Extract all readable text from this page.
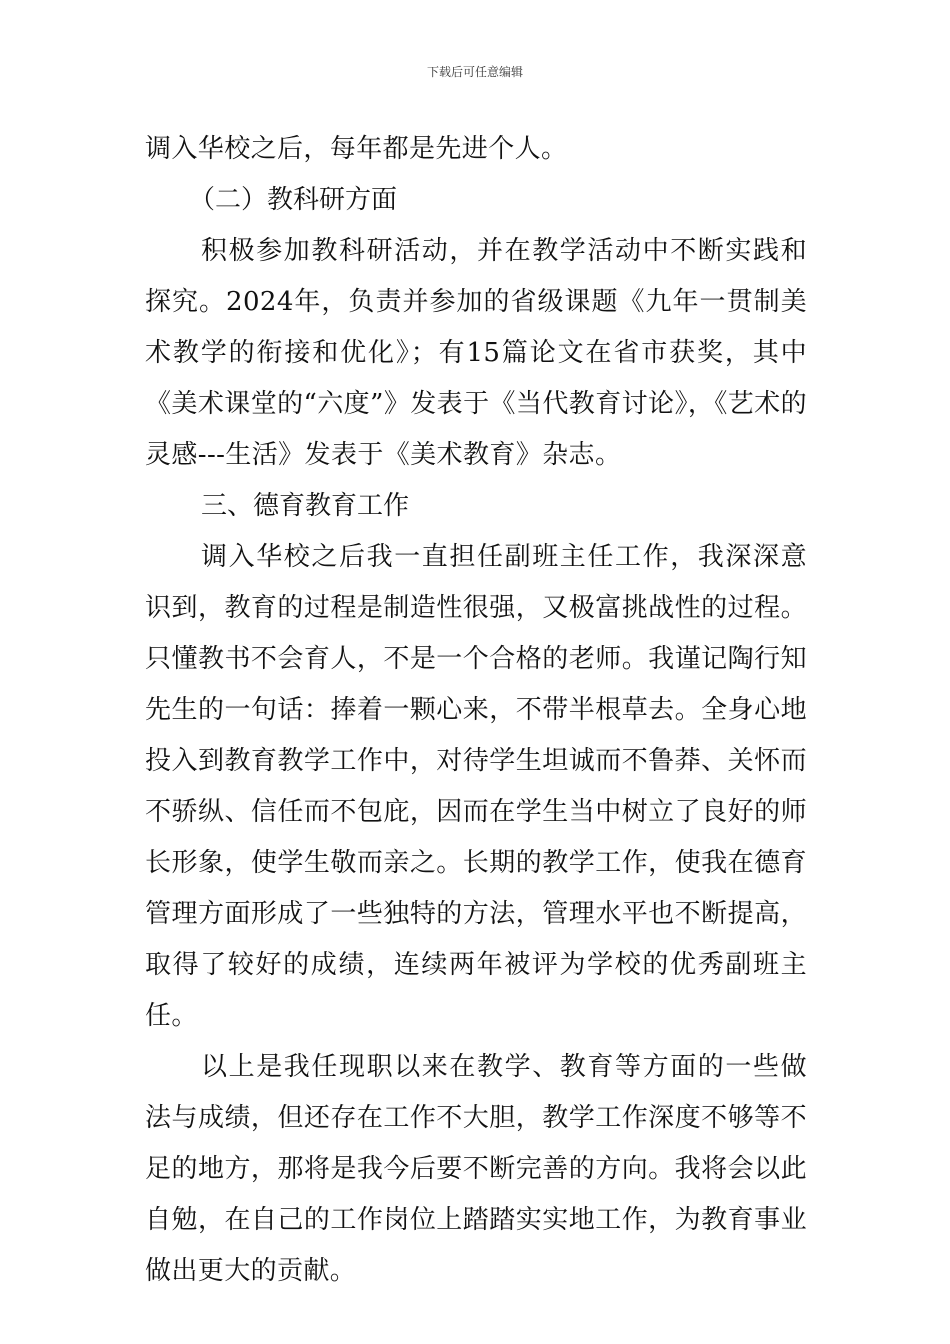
下载后可任意编辑

调入华校之后，每年都是先进个人。

（二）教科研方面

积极参加教科研活动，并在教学活动中不断实践和探究。2024年，负责并参加的省级课题《九年一贯制美术教学的衔接和优化》；有15篇论文在省市获奖，其中《美术课堂的“六度”》发表于《当代教育讨论》，《艺术的灵感---生活》发表于《美术教育》杂志。

三、德育教育工作

调入华校之后我一直担任副班主任工作，我深深意识到，教育的过程是制造性很强，又极富挑战性的过程。只懂教书不会育人，不是一个合格的老师。我谨记陶行知先生的一句话：捧着一颗心来，不带半根草去。全身心地投入到教育教学工作中，对待学生坦诚而不鲁莽、关怀而不骄纵、信任而不包庇，因而在学生当中树立了良好的师长形象，使学生敬而亲之。长期的教学工作，使我在德育管理方面形成了一些独特的方法，管理水平也不断提高，取得了较好的成绩，连续两年被评为学校的优秀副班主任。

以上是我任现职以来在教学、教育等方面的一些做法与成绩，但还存在工作不大胆，教学工作深度不够等不足的地方，那将是我今后要不断完善的方向。我将会以此自勉，在自己的工作岗位上踏踏实实地工作，为教育事业做出更大的贡献。
